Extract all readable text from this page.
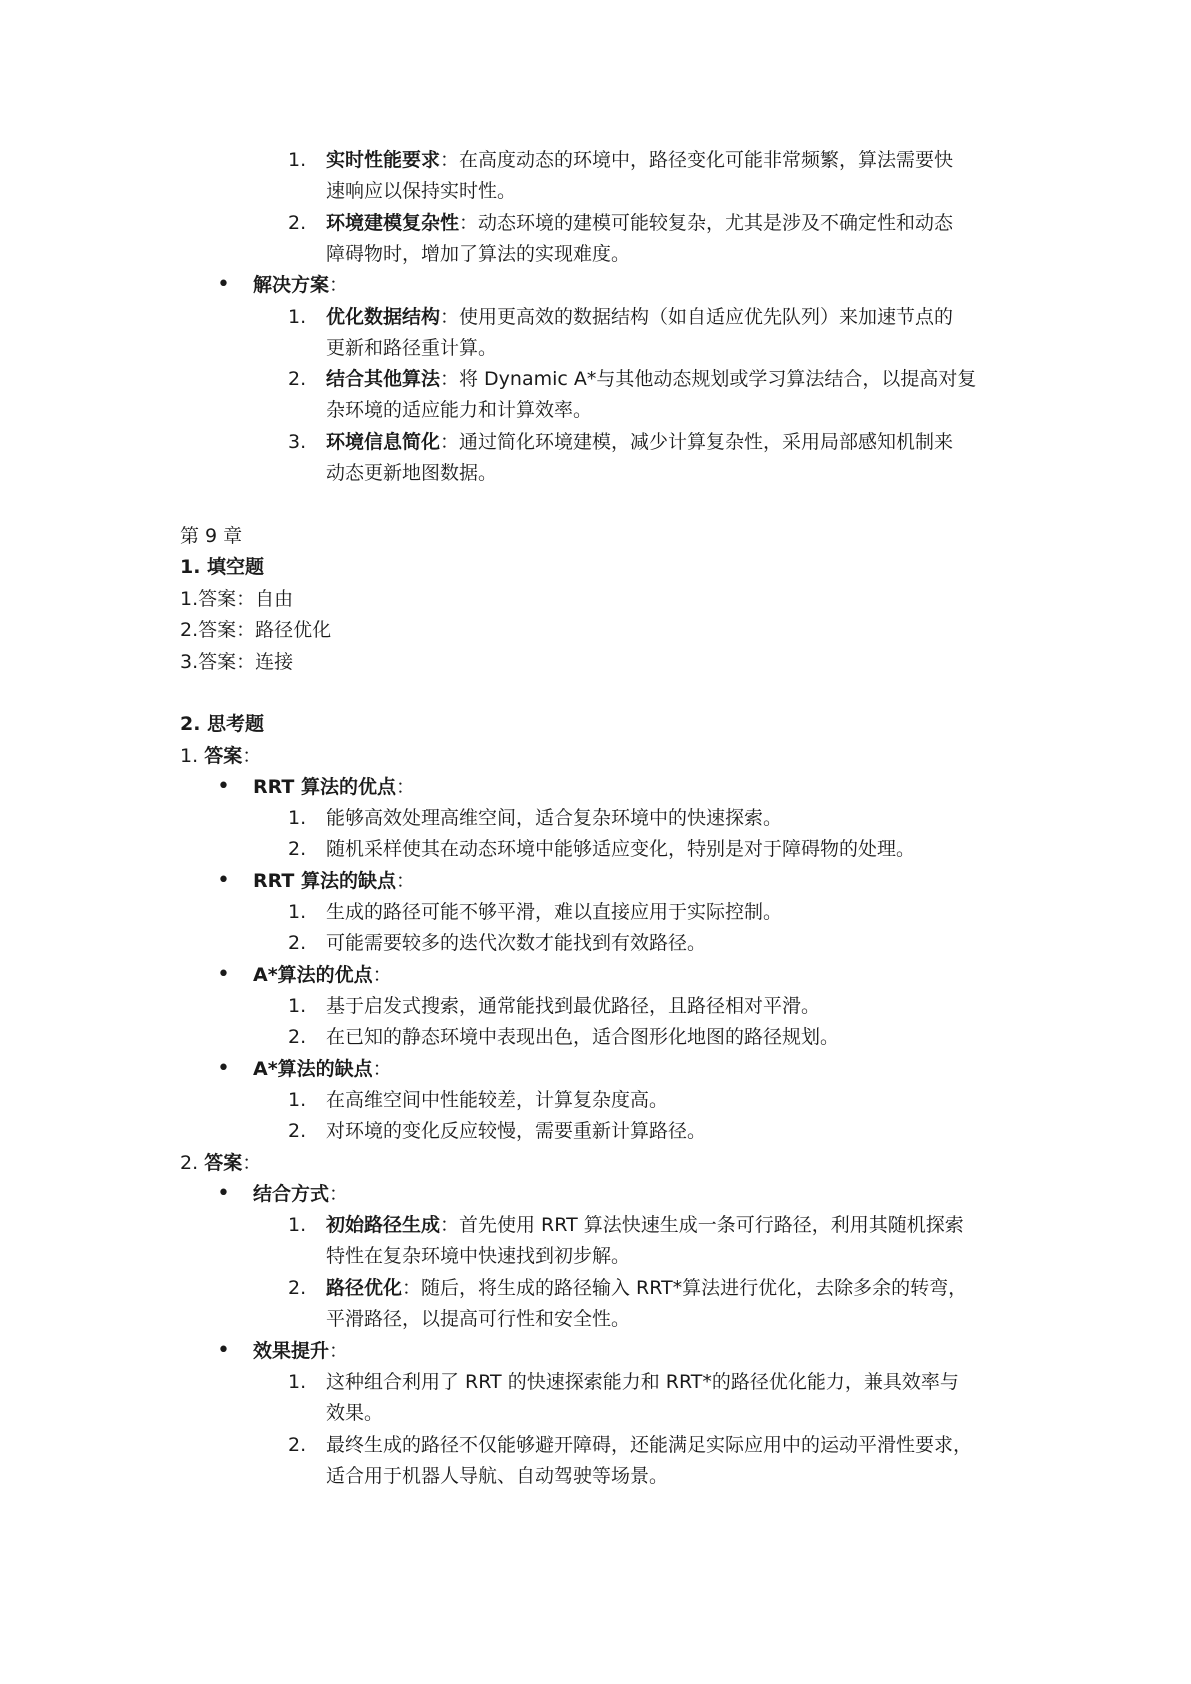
1. 实时性能要求：在高度动态的环境中，路径变化可能非常频繁，算法需要快
速响应以保持实时性。
2. 环境建模复杂性：动态环境的建模可能较复杂，尤其是涉及不确定性和动态
障碍物时，增加了算法的实现难度。
• 解决方案：
1. 优化数据结构：使用更高效的数据结构（如自适应优先队列）来加速节点的
更新和路径重计算。
2. 结合其他算法：将 Dynamic A*与其他动态规划或学习算法结合，以提高对复
杂环境的适应能力和计算效率。
3. 环境信息简化：通过简化环境建模，减少计算复杂性，采用局部感知机制来
动态更新地图数据。
第 9 章
1. 填空题
1.答案：自由
2.答案：路径优化
3.答案：连接
2. 思考题
1. 答案：
• RRT 算法的优点：
1. 能够高效处理高维空间，适合复杂环境中的快速探索。
2. 随机采样使其在动态环境中能够适应变化，特别是对于障碍物的处理。
• RRT 算法的缺点：
1. 生成的路径可能不够平滑，难以直接应用于实际控制。
2. 可能需要较多的迭代次数才能找到有效路径。
• A*算法的优点：
1. 基于启发式搜索，通常能找到最优路径，且路径相对平滑。
2. 在已知的静态环境中表现出色，适合图形化地图的路径规划。
• A*算法的缺点：
1. 在高维空间中性能较差，计算复杂度高。
2. 对环境的变化反应较慢，需要重新计算路径。
2. 答案：
• 结合方式：
1. 初始路径生成：首先使用 RRT 算法快速生成一条可行路径，利用其随机探索
特性在复杂环境中快速找到初步解。
2. 路径优化：随后，将生成的路径输入 RRT*算法进行优化，去除多余的转弯，
平滑路径，以提高可行性和安全性。
• 效果提升：
1. 这种组合利用了 RRT 的快速探索能力和 RRT*的路径优化能力，兼具效率与
效果。
2. 最终生成的路径不仅能够避开障碍，还能满足实际应用中的运动平滑性要求，
适合用于机器人导航、自动驾驶等场景。
